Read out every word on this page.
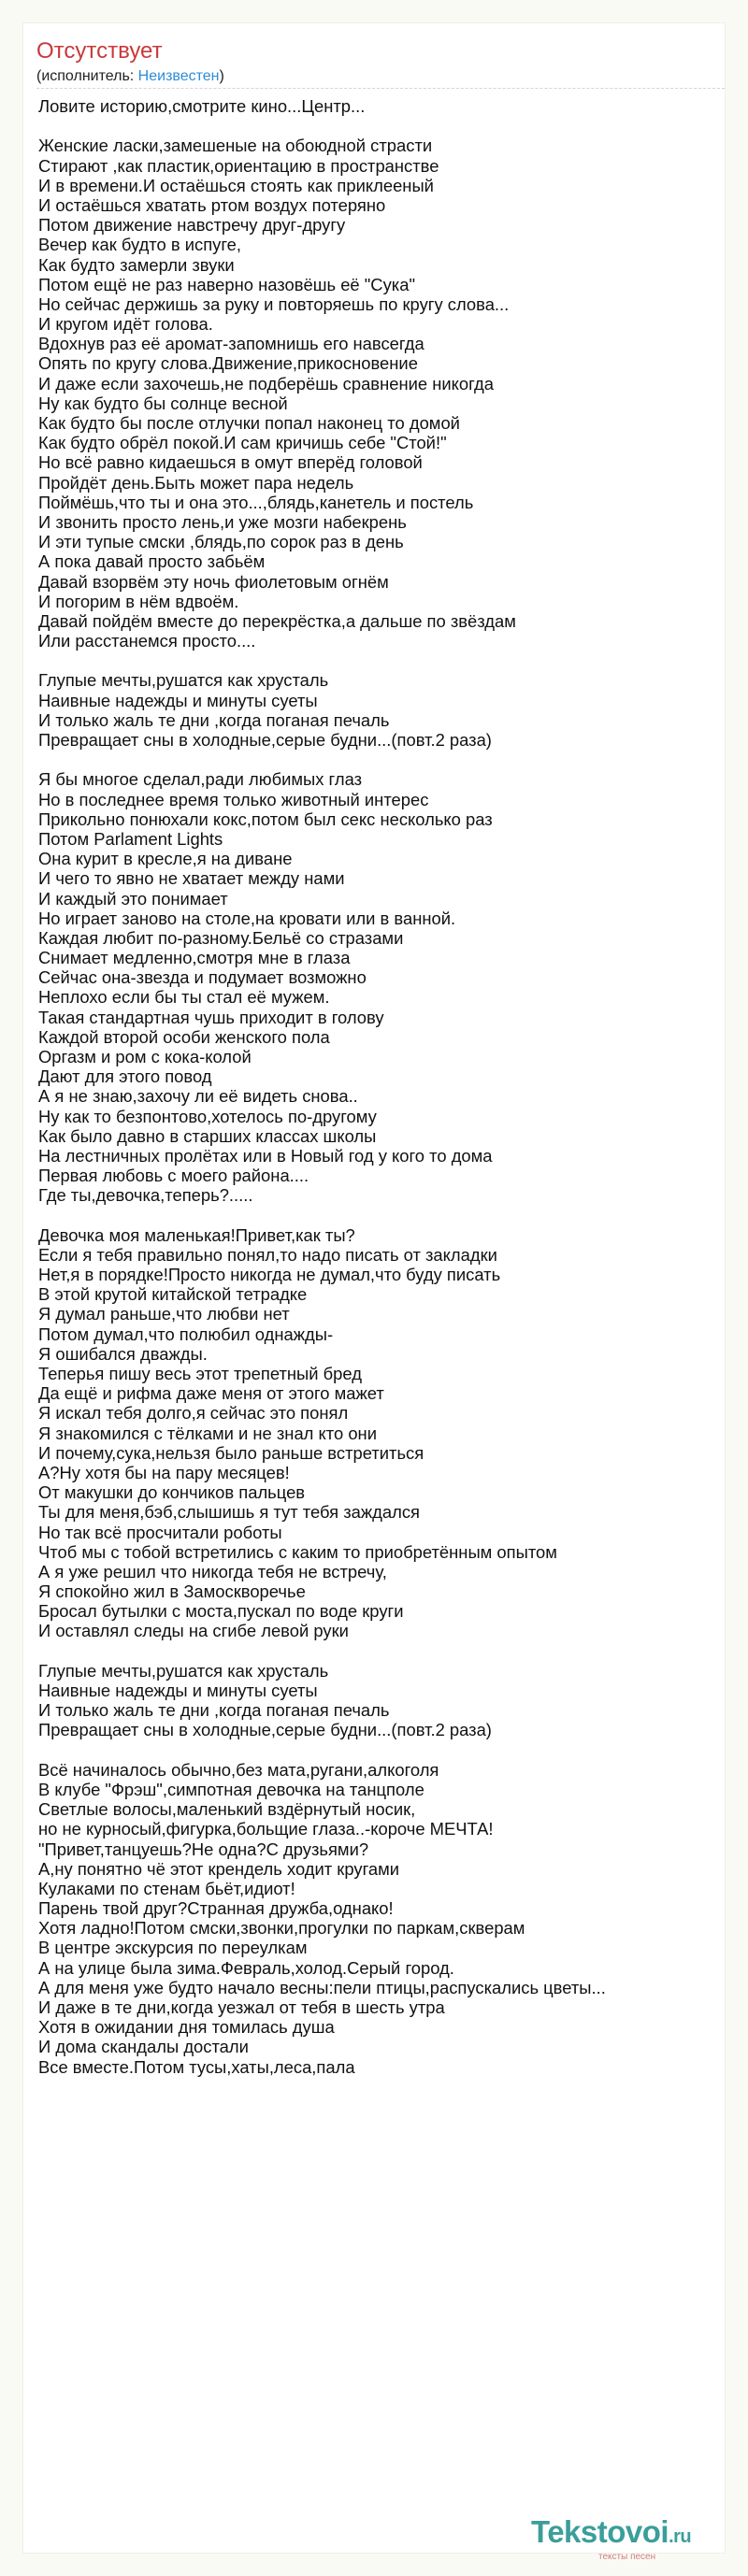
Отсутствует
(исполнитель: Неизвестен)
Ловите историю,смотрите кино...Центр...
Женские ласки,замешеные на обоюдной страсти
Стирают ,как пластик,ориентацию в пространстве
И в времени.И остаёшься стоять как приклееный
И остаёшься хватать ртом воздух потеряно
Потом движение навстречу друг-другу
Вечер как будто в испуге,
Как будто замерли звуки
Потом ещё не раз наверно назовёшь её "Сука"
Но сейчас держишь за руку и повторяешь по кругу слова...
И кругом идёт голова.
Вдохнув раз её аромат-запомнишь его навсегда
Опять по кругу слова.Движение,прикосновение
И даже если захочешь,не подберёшь сравнение никогда
Ну как будто бы солнце весной
Как будто бы после отлучки попал наконец то домой
Как будто обрёл покой.И сам кричишь себе "Стой!"
Но всё равно кидаешься в омут вперёд головой
Пройдёт день.Быть может пара недель
Поймёшь,что ты и она это...,блядь,канетель и постель
И звонить просто лень,и уже мозги набекрень
И эти тупые смски ,блядь,по сорок раз в день
А пока давай просто забьём
Давай взорвём эту ночь фиолетовым огнём
И погорим в нём вдвоём.
Давай пойдём вместе до перекрёстка,а дальше по звёздам
Или расстанемся просто....
Глупые мечты,рушатся как хрусталь
Наивные надежды и минуты суеты
И только жаль те дни ,когда поганая печаль
Превращает сны в холодные,серые будни...(повт.2 раза)
Я бы многое сделал,ради любимых глаз
Но в последнее время только животный интерес
Прикольно понюхали кокс,потом был секс несколько раз
Потом Parlament Lights
Она курит в кресле,я на диване
И чего то явно не хватает между нами
И каждый это понимает
Но играет заново на столе,на кровати или в ванной.
Каждая любит по-разному.Бельё со стразами
Снимает медленно,смотря мне в глаза
Сейчас она-звезда и подумает возможно
Неплохо если бы ты стал её мужем.
Такая стандартная чушь приходит в голову
Каждой второй особи женского пола
Оргазм и ром с кока-колой
Дают для этого повод
А я не знаю,захочу ли её видеть снова..
Ну как то безпонтово,хотелось по-другому
Как было давно в старших классах школы
На лестничных пролётах или в Новый год у кого то дома
Первая любовь с моего района....
Где ты,девочка,теперь?.....
Девочка моя маленькая!Привет,как ты?
Если я тебя правильно понял,то надо писать от закладки
Нет,я в порядке!Просто никогда не думал,что буду писать
В этой крутой китайской тетрадке
Я думал раньше,что любви нет
Потом думал,что полюбил однажды-
Я ошибался дважды.
Теперья пишу весь этот трепетный бред
Да ещё и рифма даже меня от этого мажет
Я искал тебя долго,я сейчас это понял
Я знакомился с тёлками и не знал кто они
И почему,сука,нельзя было раньше встретиться
А?Ну хотя бы на пару месяцев!
От макушки до кончиков пальцев
Ты для меня,бэб,слышишь я тут тебя заждался
Но так всё просчитали роботы
Чтоб мы с тобой встретились с каким то приобретённым опытом
А я уже решил что никогда тебя не встречу,
Я спокойно жил в Замоскворечье
Бросал бутылки с моста,пускал по воде круги
И оставлял следы на сгибе левой руки
Глупые мечты,рушатся как хрусталь
Наивные надежды и минуты суеты
И только жаль те дни ,когда поганая печаль
Превращает сны в холодные,серые будни...(повт.2 раза)
Всё начиналось обычно,без мата,ругани,алкоголя
В клубе "Фрэш",симпотная девочка на танцполе
Светлые волосы,маленький вздёрнутый носик,
но не курносый,фигурка,больщие глаза..-короче МЕЧТА!
"Привет,танцуешь?Не одна?С друзьями?
А,ну понятно чё этот крендель ходит кругами
Кулаками по стенам бьёт,идиот!
Парень твой друг?Странная дружба,однако!
Хотя ладно!Потом смски,звонки,прогулки по паркам,скверам
В центре экскурсия по переулкам
А на улице была зима.Февраль,холод.Серый город.
А для меня уже будто начало весны:пели птицы,распускались цветы...
И даже в те дни,когда уезжал от тебя в шесть утра
Хотя в ожидании дня томилась душа
И дома скандалы достали
Все вместе.Потом тусы,хаты,леса,пала
Tekstovoi.ru
тексты песен
